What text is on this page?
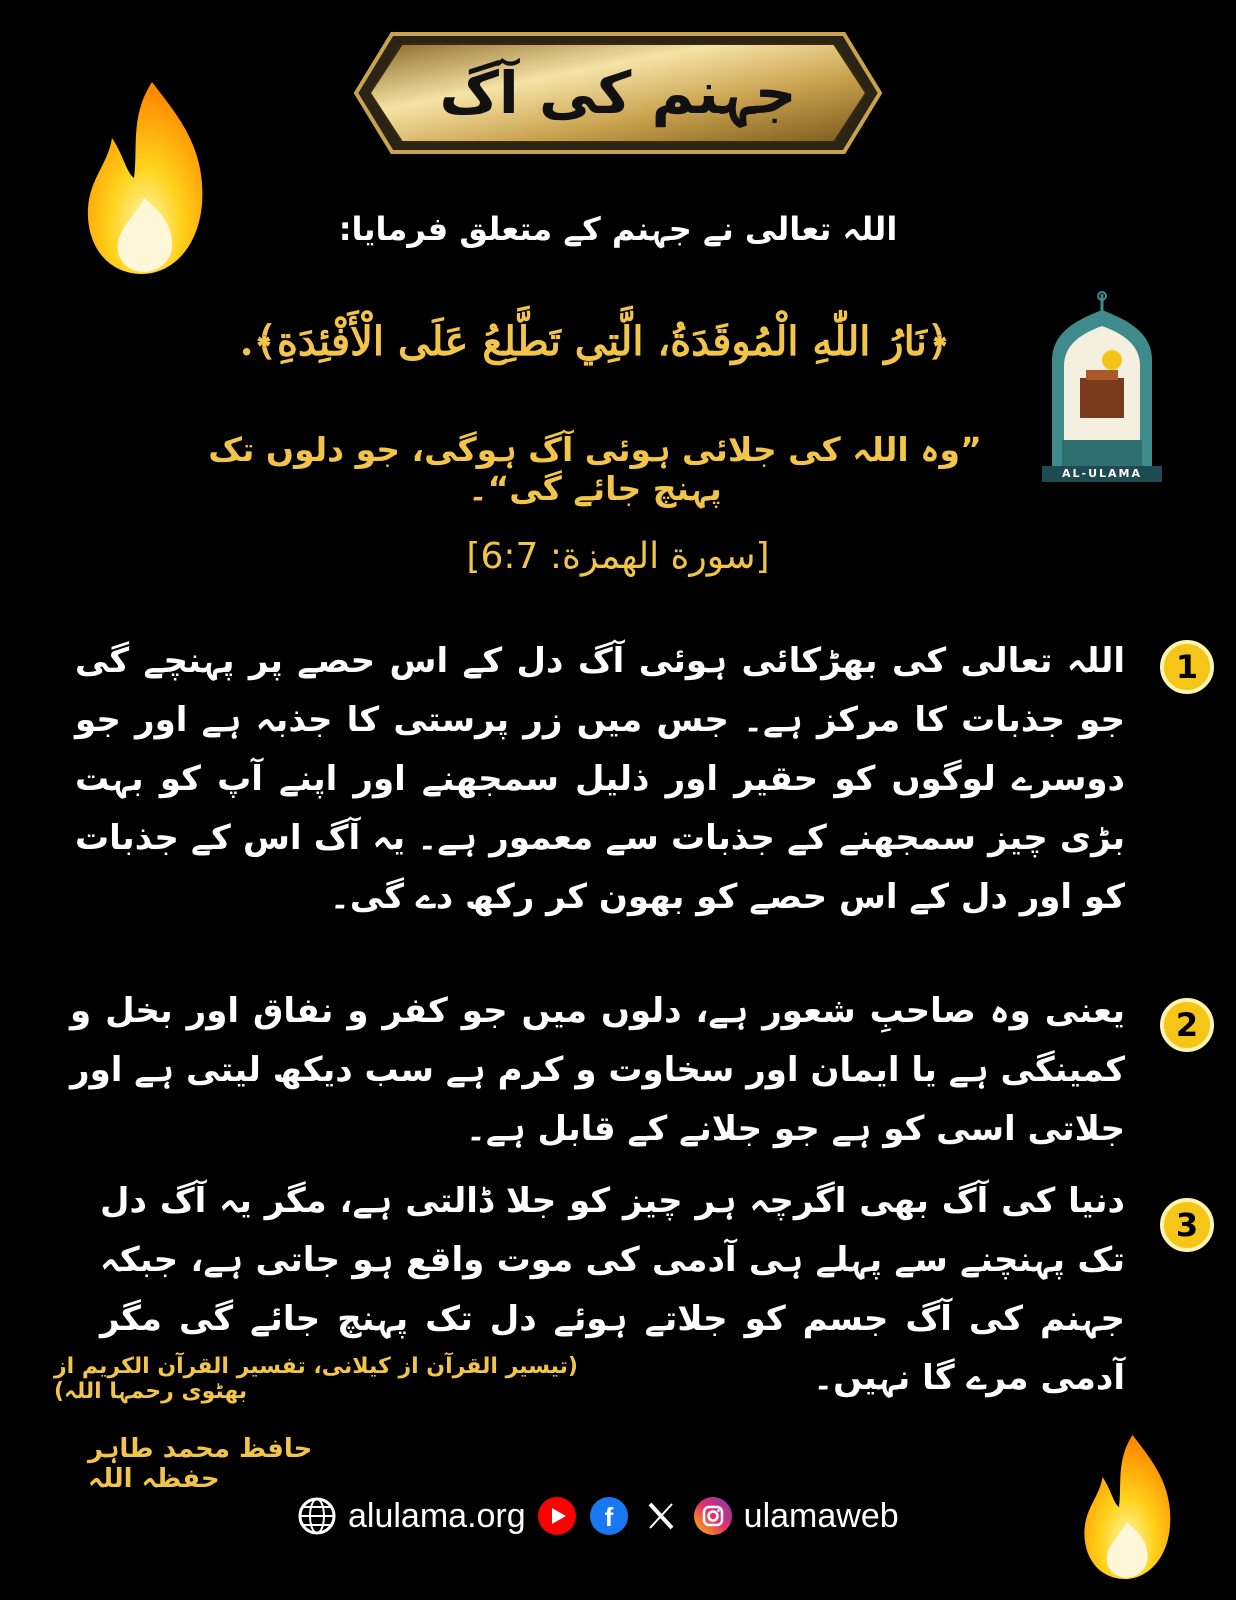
جہنم کی آگ
اللہ تعالی نے جہنم کے متعلق فرمایا:
﴿نَارُ اللّٰهِ الْمُوقَدَةُ، الَّتِي تَطَّلِعُ عَلَى الْأَفْئِدَةِ﴾.
”وہ اللہ کی جلائی ہوئی آگ ہوگی، جو دلوں تک پہنچ جائے گی“۔
[سورة الهمزة: 6:7]
AL-ULAMA
1
اللہ تعالی کی بھڑکائی ہوئی آگ دل کے اس حصے پر پہنچے گی جو جذبات کا مرکز ہے۔ جس میں زر پرستی کا جذبہ ہے اور جو دوسرے لوگوں کو حقیر اور ذلیل سمجھنے اور اپنے آپ کو بہت بڑی چیز سمجھنے کے جذبات سے معمور ہے۔ یہ آگ اس کے جذبات کو اور دل کے اس حصے کو بھون کر رکھ دے گی۔
2
یعنی وہ صاحبِ شعور ہے، دلوں میں جو کفر و نفاق اور بخل و کمینگی ہے یا ایمان اور سخاوت و کرم ہے سب دیکھ لیتی ہے اور جلاتی اسی کو ہے جو جلانے کے قابل ہے۔
3
دنیا کی آگ بھی اگرچہ ہر چیز کو جلا ڈالتی ہے، مگر یہ آگ دل تک پہنچنے سے پہلے ہی آدمی کی موت واقع ہو جاتی ہے، جبکہ جہنم کی آگ جسم کو جلاتے ہوئے دل تک پہنچ جائے گی مگر آدمی مرے گا نہیں۔
(تیسیر القرآن از کیلانی، تفسیر القرآن الکریم از بھٹوی رحمہا اللہ)
حافظ محمد طاہر حفظہ اللہ
alulama.org	f	ulamaweb
